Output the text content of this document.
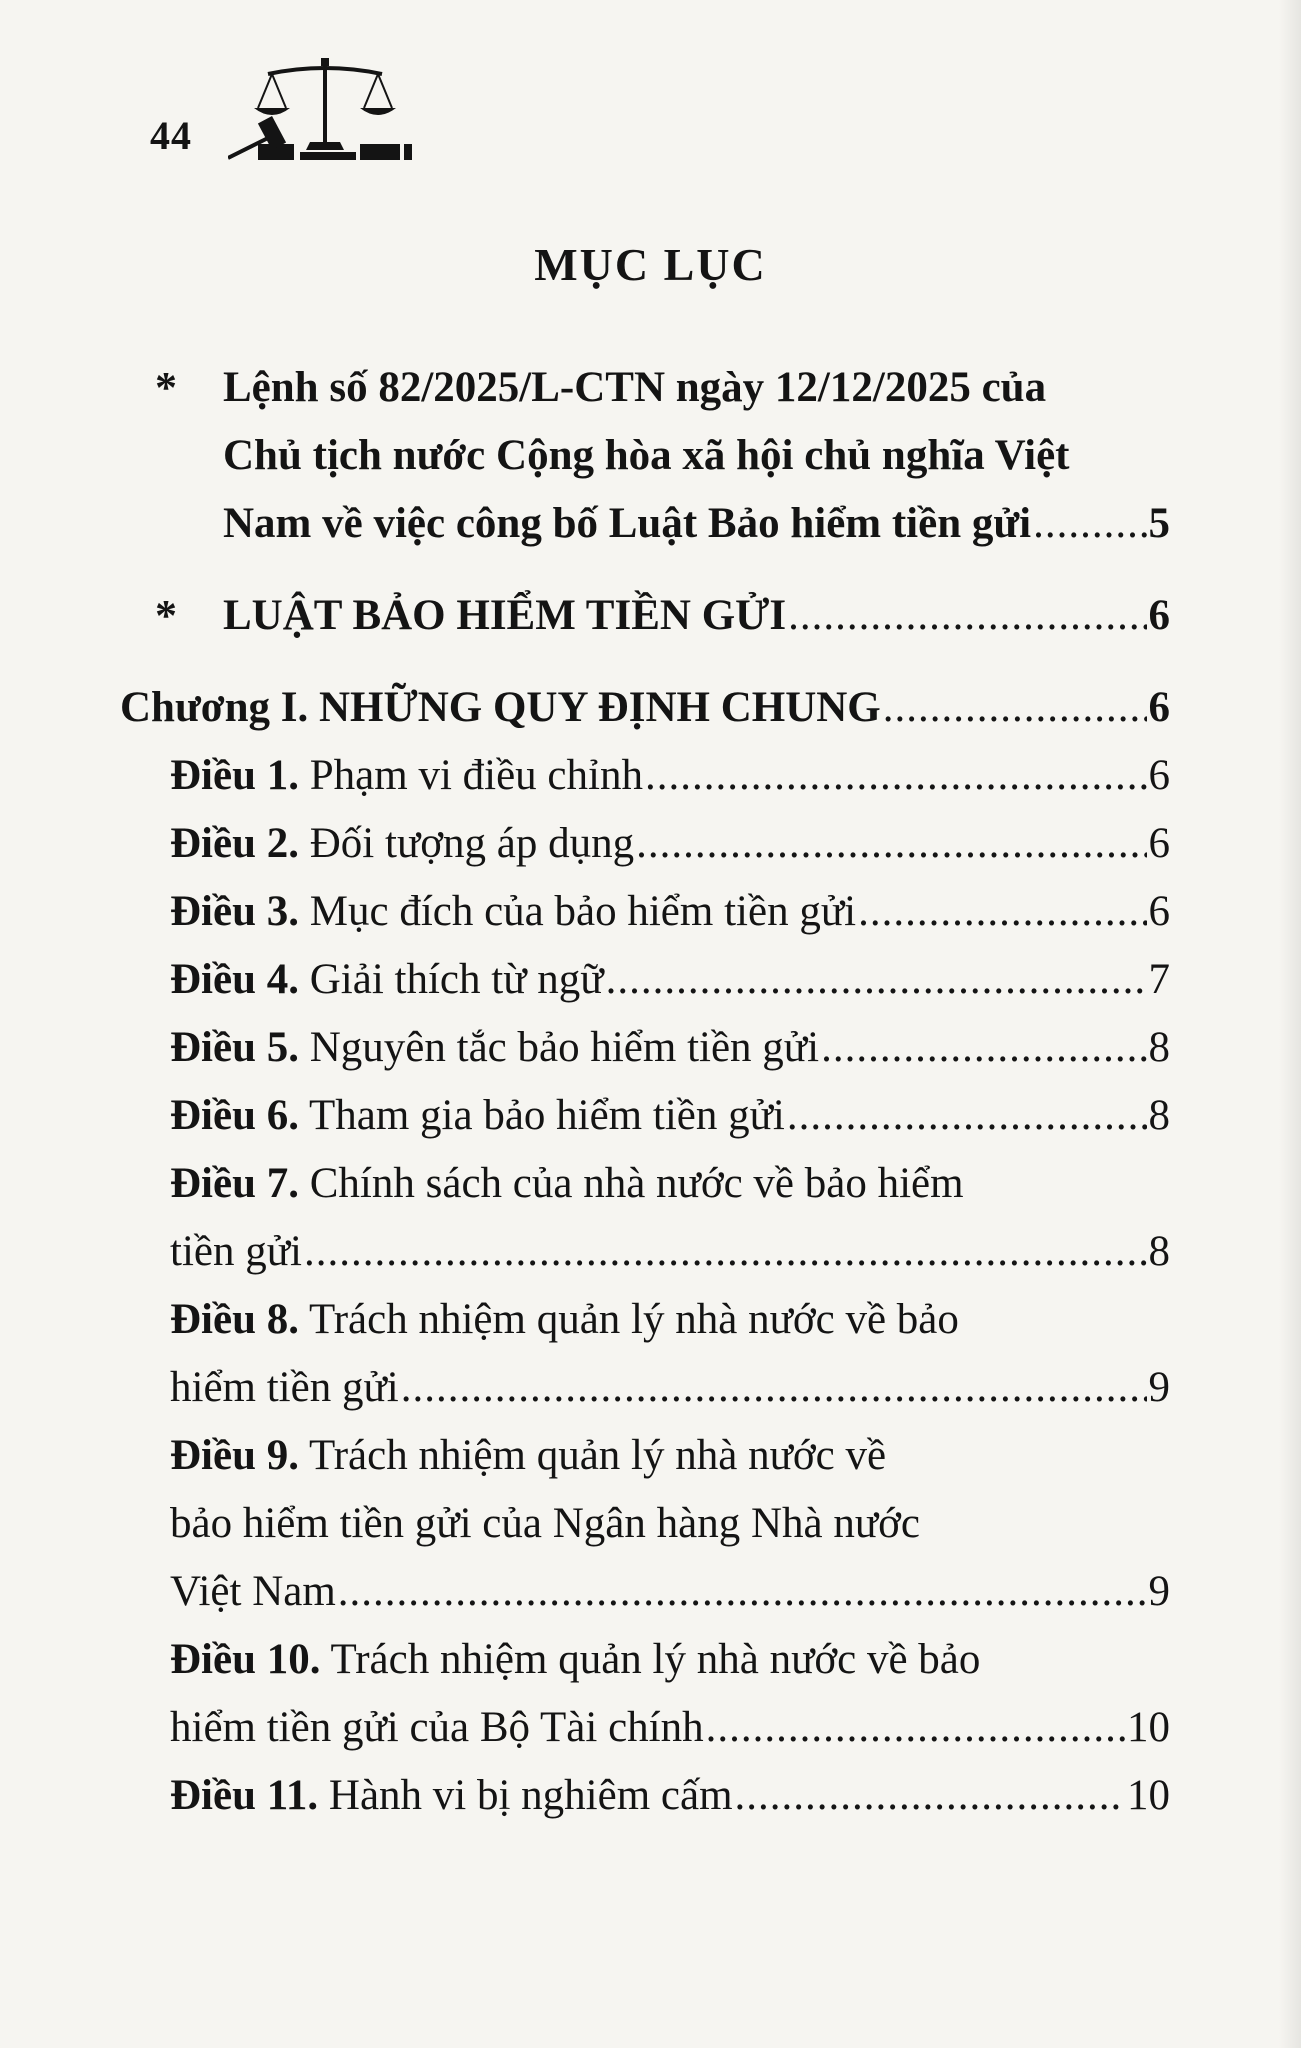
44
MỤC LỤC
* Lệnh số 82/2025/L-CTN ngày 12/12/2025 của
Chủ tịch nước Cộng hòa xã hội chủ nghĩa Việt
Nam về việc công bố Luật Bảo hiểm tiền gửi .....	5
* LUẬT BẢO HIỂM TIỀN GỬI .....	6
Chương I. NHỮNG QUY ĐỊNH CHUNG .....	6
Điều 1. Phạm vi điều chỉnh .....	6
Điều 2. Đối tượng áp dụng .....	6
Điều 3. Mục đích của bảo hiểm tiền gửi .....	6
Điều 4. Giải thích từ ngữ .....	7
Điều 5. Nguyên tắc bảo hiểm tiền gửi .....	8
Điều 6. Tham gia bảo hiểm tiền gửi .....	8
Điều 7. Chính sách của nhà nước về bảo hiểm
tiền gửi .....	8
Điều 8. Trách nhiệm quản lý nhà nước về bảo
hiểm tiền gửi .....	9
Điều 9. Trách nhiệm quản lý nhà nước về
bảo hiểm tiền gửi của Ngân hàng Nhà nước
Việt Nam .....	9
Điều 10. Trách nhiệm quản lý nhà nước về bảo
hiểm tiền gửi của Bộ Tài chính .....	10
Điều 11. Hành vi bị nghiêm cấm .....	10
